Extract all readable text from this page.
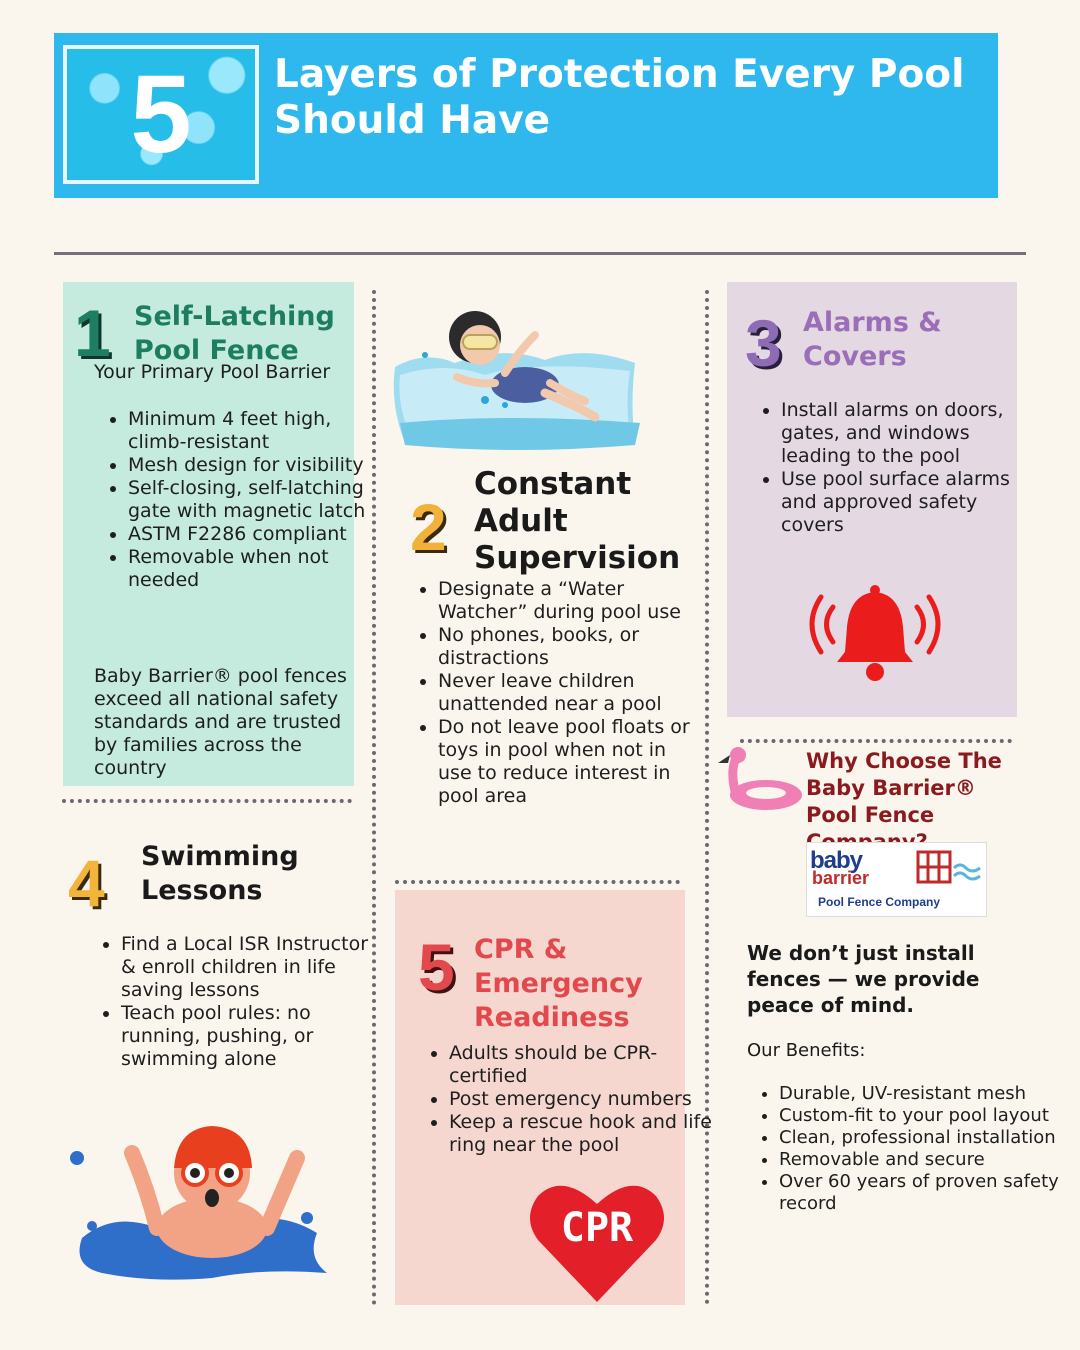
5	Layers of Protection Every Pool Should Have
1 Self-Latching Pool Fence
Your Primary Pool Barrier
• Minimum 4 feet high, climb-resistant
• Mesh design for visibility
• Self-closing, self-latching gate with magnetic latch
• ASTM F2286 compliant
• Removable when not needed
Baby Barrier® pool fences exceed all national safety standards and are trusted by families across the country
2
Constant Adult Supervision
• Designate a “Water Watcher” during pool use
• No phones, books, or distractions
• Never leave children unattended near a pool
• Do not leave pool floats or toys in pool when not in use to reduce interest in pool area
3 Alarms & Covers
• Install alarms on doors, gates, and windows leading to the pool
• Use pool surface alarms and approved safety covers
4 Swimming Lessons
• Find a Local ISR Instructor & enroll children in life saving lessons
• Teach pool rules: no running, pushing, or swimming alone
5 CPR & Emergency Readiness
• Adults should be CPR-certified
• Post emergency numbers
• Keep a rescue hook and life ring near the pool
CPR
Why Choose The Baby Barrier® Pool Fence
baby
barrier
Pool Fence Company
We don’t just install fences — we provide peace of mind.
Our Benefits:
• Durable, UV-resistant mesh
• Custom-fit to your pool layout
• Clean, professional installation
• Removable and secure
• Over 60 years of proven safety record
